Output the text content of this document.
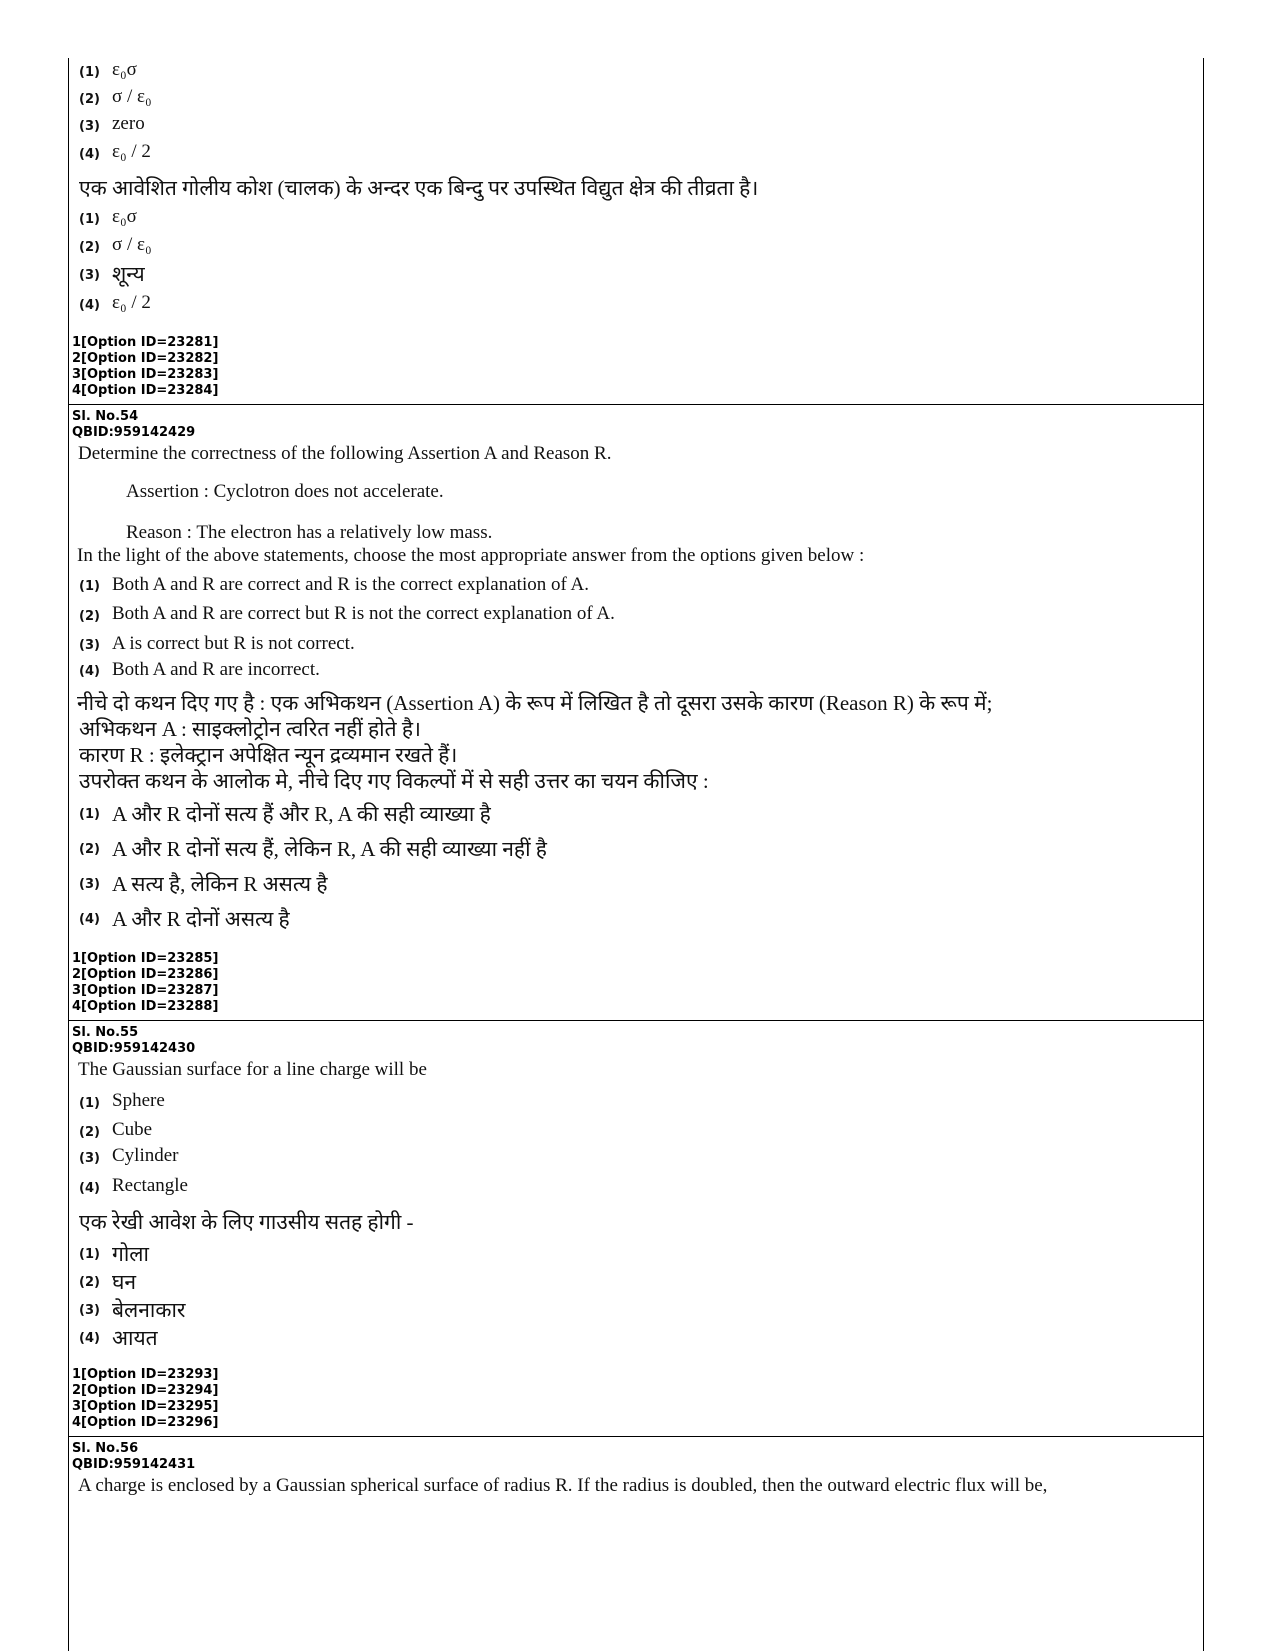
(1) ε₀σ
(2) σ / ε₀
(3) zero
(4) ε₀ / 2
एक आवेशित गोलीय कोश (चालक) के अन्दर एक बिन्दु पर उपस्थित विद्युत क्षेत्र की तीव्रता है।
(1) ε₀σ
(2) σ / ε₀
(3) शून्य
(4) ε₀ / 2
1[Option ID=23281]
2[Option ID=23282]
3[Option ID=23283]
4[Option ID=23284]
Sl. No.54
QBID:959142429
Determine the correctness of the following Assertion A and Reason R.
Assertion : Cyclotron does not accelerate.
Reason : The electron has a relatively low mass.
In the light of the above statements, choose the most appropriate answer from the options given below :
(1) Both A and R are correct and R is the correct explanation of A.
(2) Both A and R are correct but R is not the correct explanation of A.
(3) A is correct but R is not correct.
(4) Both A and R are incorrect.
नीचे दो कथन दिए गए है : एक अभिकथन (Assertion A) के रूप में लिखित है तो दूसरा उसके कारण (Reason R) के रूप में;
अभिकथन A : साइक्लोट्रोन त्वरित नहीं होते है।
कारण R : इलेक्ट्रान अपेक्षित न्यून द्रव्यमान रखते हैं।
उपरोक्त कथन के आलोक मे, नीचे दिए गए विकल्पों में से सही उत्तर का चयन कीजिए :
(1) A और R दोनों सत्य हैं और R, A की सही व्याख्या है
(2) A और R दोनों सत्य हैं, लेकिन R, A की सही व्याख्या नहीं है
(3) A सत्य है, लेकिन R असत्य है
(4) A और R दोनों असत्य है
1[Option ID=23285]
2[Option ID=23286]
3[Option ID=23287]
4[Option ID=23288]
Sl. No.55
QBID:959142430
The Gaussian surface for a line charge will be
(1) Sphere
(2) Cube
(3) Cylinder
(4) Rectangle
एक रेखी आवेश के लिए गाउसीय सतह होगी -
(1) गोला
(2) घन
(3) बेलनाकार
(4) आयत
1[Option ID=23293]
2[Option ID=23294]
3[Option ID=23295]
4[Option ID=23296]
Sl. No.56
QBID:959142431
A charge is enclosed by a Gaussian spherical surface of radius R. If the radius is doubled, then the outward electric flux will be,
